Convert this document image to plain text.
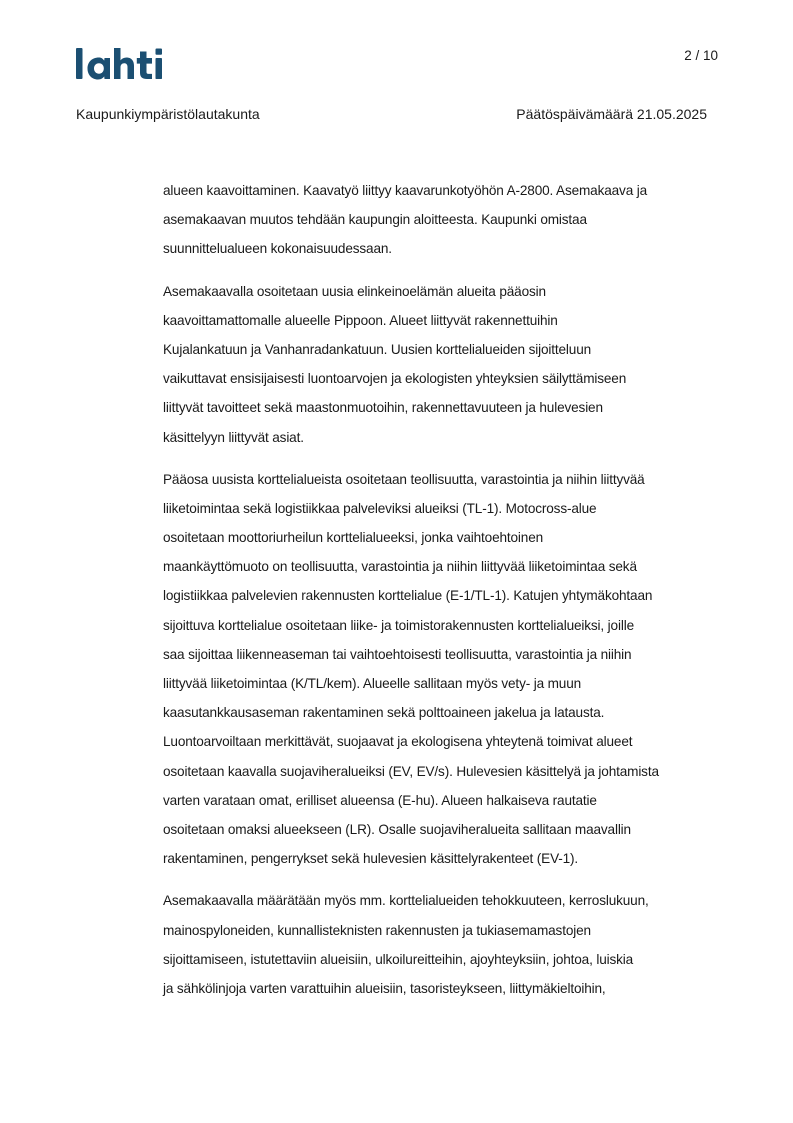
2 / 10
Kaupunkiympäristölautakunta	Päätöspäivämäärä 21.05.2025
alueen kaavoittaminen. Kaavatyö liittyy kaavarunkotyöhön A-2800. Asemakaava ja
asemakaavan muutos tehdään kaupungin aloitteesta. Kaupunki omistaa
suunnittelualueen kokonaisuudessaan.
Asemakaavalla osoitetaan uusia elinkeinoelämän alueita pääosin
kaavoittamattomalle alueelle Pippoon. Alueet liittyvät rakennettuihin
Kujalankatuun ja Vanhanradankatuun. Uusien korttelialueiden sijoitteluun
vaikuttavat ensisijaisesti luontoarvojen ja ekologisten yhteyksien säilyttämiseen
liittyvät tavoitteet sekä maastonmuotoihin, rakennettavuuteen ja hulevesien
käsittelyyn liittyvät asiat.
Pääosa uusista korttelialueista osoitetaan teollisuutta, varastointia ja niihin liittyvää
liiketoimintaa sekä logistiikkaa palveleviksi alueiksi (TL-1). Motocross-alue
osoitetaan moottoriurheilun korttelialueeksi, jonka vaihtoehtoinen
maankäyttömuoto on teollisuutta, varastointia ja niihin liittyvää liiketoimintaa sekä
logistiikkaa palvelevien rakennusten korttelialue (E-1/TL-1). Katujen yhtymäkohtaan
sijoittuva korttelialue osoitetaan liike- ja toimistorakennusten korttelialueiksi, joille
saa sijoittaa liikenneaseman tai vaihtoehtoisesti teollisuutta, varastointia ja niihin
liittyvää liiketoimintaa (K/TL/kem). Alueelle sallitaan myös vety- ja muun
kaasutankkausaseman rakentaminen sekä polttoaineen jakelua ja latausta.
Luontoarvoiltaan merkittävät, suojaavat ja ekologisena yhteytenä toimivat alueet
osoitetaan kaavalla suojaviheralueiksi (EV, EV/s). Hulevesien käsittelyä ja johtamista
varten varataan omat, erilliset alueensa (E-hu). Alueen halkaiseva rautatie
osoitetaan omaksi alueekseen (LR). Osalle suojaviheralueita sallitaan maavallin
rakentaminen, pengerrykset sekä hulevesien käsittelyrakenteet (EV-1).
Asemakaavalla määrätään myös mm. korttelialueiden tehokkuuteen, kerroslukuun,
mainospyloneiden, kunnallisteknisten rakennusten ja tukiasemamastojen
sijoittamiseen, istutettaviin alueisiin, ulkoilureitteihin, ajoyhteyksiin, johtoa, luiskia
ja sähkölinjoja varten varattuihin alueisiin, tasoristeykseen, liittymäkieltoihin,
